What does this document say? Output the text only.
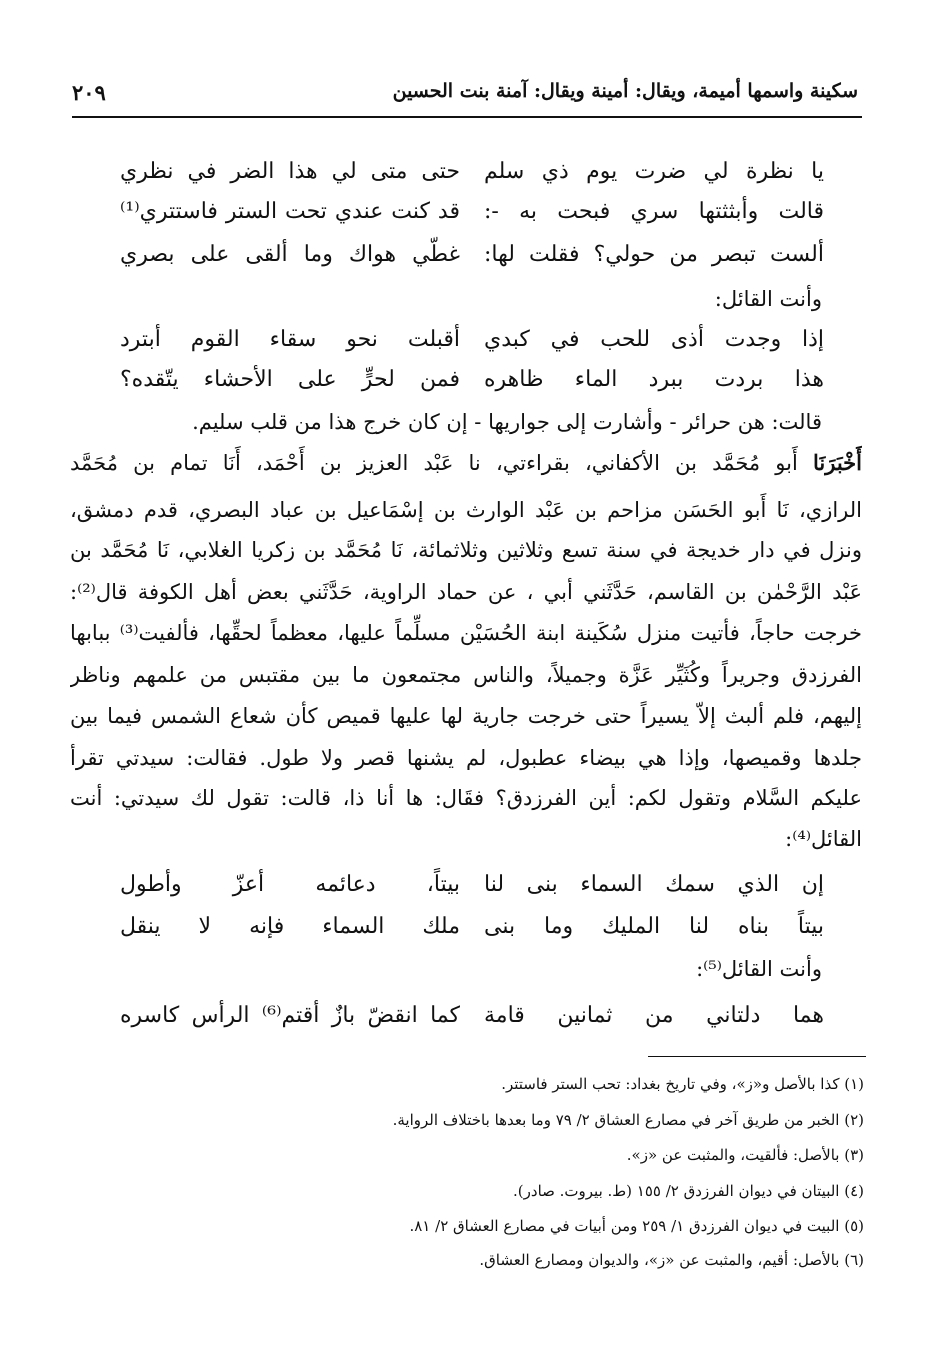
سكينة واسمها أميمة، ويقال: أمينة ويقال: آمنة بنت الحسين
٢٠٩
يا نظرة لي ضرت يوم ذي سلم
حتى متى لي هذا الضر في نظري
قالت وأبثثتها سري فبحت به -:
قد كنت عندي تحت الستر فاستتري⁽¹⁾
ألست تبصر من حولي؟ فقلت لها:
غطّي هواك وما ألقى على بصري
وأنت القائل:
إذا وجدت أذى للحب في كبدي
أقبلت نحو سقاء القوم أبترد
هذا بردت ببرد الماء ظاهره
فمن لحرٍّ على الأحشاء يتّقده؟
قالت: هن حرائر - وأشارت إلى جواريها - إن كان خرج هذا من قلب سليم.
أَخْبَرَنَا أَبو مُحَمَّد بن الأكفاني، بقراءتي، نا عَبْد العزيز بن أَحْمَد، أَنَا تمام بن مُحَمَّد
الرازي، نَا أَبو الحَسَن مزاحم بن عَبْد الوارث بن إسْمَاعيل بن عباد البصري، قدم دمشق،
ونزل في دار خديجة في سنة تسع وثلاثين وثلاثمائة، نَا مُحَمَّد بن زكريا الغلابي، نَا مُحَمَّد بن
عَبْد الرَّحْمٰن بن القاسم، حَدَّثَني أبي ، عن حماد الراوية، حَدَّثَني بعض أهل الكوفة قال⁽²⁾:
خرجت حاجاً، فأتيت منزل سُكَينة ابنة الحُسَيْن مسلِّماً عليها، معظماً لحقِّها، فألفيت⁽³⁾ ببابها
الفرزدق وجريراً وكُثَيِّر عَزَّة وجميلاً، والناس مجتمعون ما بين مقتبس من علمهم وناظر
إليهم، فلم ألبث إلاّ يسيراً حتى خرجت جارية لها عليها قميص كأن شعاع الشمس فيما بين
جلدها وقميصها، وإذا هي بيضاء عطبول، لم يشنها قصر ولا طول. فقالت: سيدتي تقرأ
عليكم السَّلام وتقول لكم: أين الفرزدق؟ فقَال: ها أنا ذا، قالت: تقول لك سيدتي: أنت
القائل⁽⁴⁾:
إن الذي سمك السماء بنى لنا
بيتاً، دعائمه أعزّ وأطول
بيتاً بناه لنا المليك وما بنى
ملك السماء فإنه لا ينقل
وأنت القائل⁽⁵⁾:
هما دلتاني من ثمانين قامة
كما انقضّ بازٌ أقتم⁽⁶⁾ الرأس كاسره
(١) كذا بالأصل و«ز»، وفي تاريخ بغداد: تحب الستر فاستتر.
(٢) الخبر من طريق آخر في مصارع العشاق ٢/ ٧٩ وما بعدها باختلاف الرواية.
(٣) بالأصل: فألقيت، والمثبت عن «ز».
(٤) البيتان في ديوان الفرزدق ٢/ ١٥٥ (ط. بيروت. صادر).
(٥) البيت في ديوان الفرزدق ١/ ٢٥٩ ومن أبيات في مصارع العشاق ٢/ ٨١.
(٦) بالأصل: أقيم، والمثبت عن «ز»، والديوان ومصارع العشاق.
